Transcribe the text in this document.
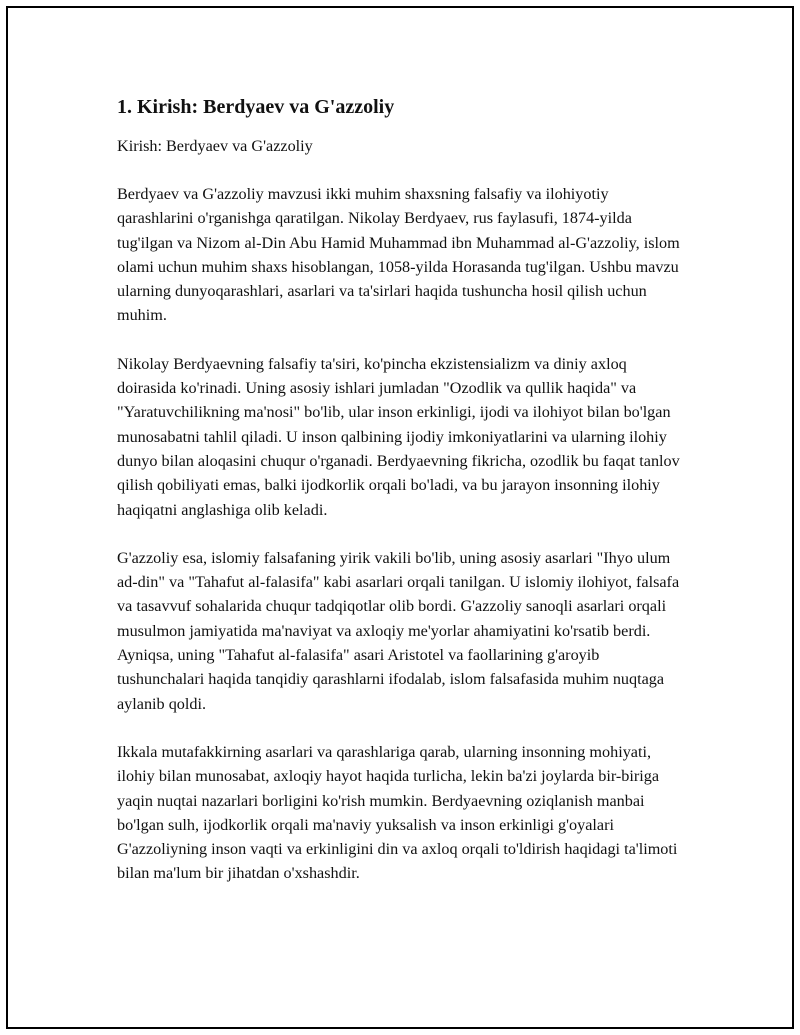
1. Kirish: Berdyaev va G'azzoliy
Kirish: Berdyaev va G'azzoliy

Berdyaev va G'azzoliy mavzusi ikki muhim shaxsning falsafiy va ilohiyotiy qarashlarini o'rganishga qaratilgan. Nikolay Berdyaev, rus faylasufi, 1874-yilda tug'ilgan va Nizom al-Din Abu Hamid Muhammad ibn Muhammad al-G'azzoliy, islom olami uchun muhim shaxs hisoblangan, 1058-yilda Horasanda tug'ilgan. Ushbu mavzu ularning dunyoqarashlari, asarlari va ta'sirlari haqida tushuncha hosil qilish uchun muhim.

Nikolay Berdyaevning falsafiy ta'siri, ko'pincha ekzistensializm va diniy axloq doirasida ko'rinadi. Uning asosiy ishlari jumladan "Ozodlik va qullik haqida" va "Yaratuvchilikning ma'nosi" bo'lib, ular inson erkinligi, ijodi va ilohiyot bilan bo'lgan munosabatni tahlil qiladi. U inson qalbining ijodiy imkoniyatlarini va ularning ilohiy dunyo bilan aloqasini chuqur o'rganadi. Berdyaevning fikricha, ozodlik bu faqat tanlov qilish qobiliyati emas, balki ijodkorlik orqali bo'ladi, va bu jarayon insonning ilohiy haqiqatni anglashiga olib keladi.

G'azzoliy esa, islomiy falsafaning yirik vakili bo'lib, uning asosiy asarlari "Ihyo ulum ad-din" va "Tahafut al-falasifa" kabi asarlari orqali tanilgan. U islomiy ilohiyot, falsafa va tasavvuf sohalarida chuqur tadqiqotlar olib bordi. G'azzoliy sanoqli asarlari orqali musulmon jamiyatida ma'naviyat va axloqiy me'yorlar ahamiyatini ko'rsatib berdi. Ayniqsa, uning "Tahafut al-falasifa" asari Aristotel va faollarining g'aroyib tushunchalari haqida tanqidiy qarashlarni ifodalab, islom falsafasida muhim nuqtaga aylanib qoldi.

Ikkala mutafakkirning asarlari va qarashlariga qarab, ularning insonning mohiyati, ilohiy bilan munosabat, axloqiy hayot haqida turlicha, lekin ba'zi joylarda bir-biriga yaqin nuqtai nazarlari borligini ko'rish mumkin. Berdyaevning oziqlanish manbai bo'lgan sulh, ijodkorlik orqali ma'naviy yuksalish va inson erkinligi g'oyalari G'azzoliyning inson vaqti va erkinligini din va axloq orqali to'ldirish haqidagi ta'limoti bilan ma'lum bir jihatdan o'xshashdir.
